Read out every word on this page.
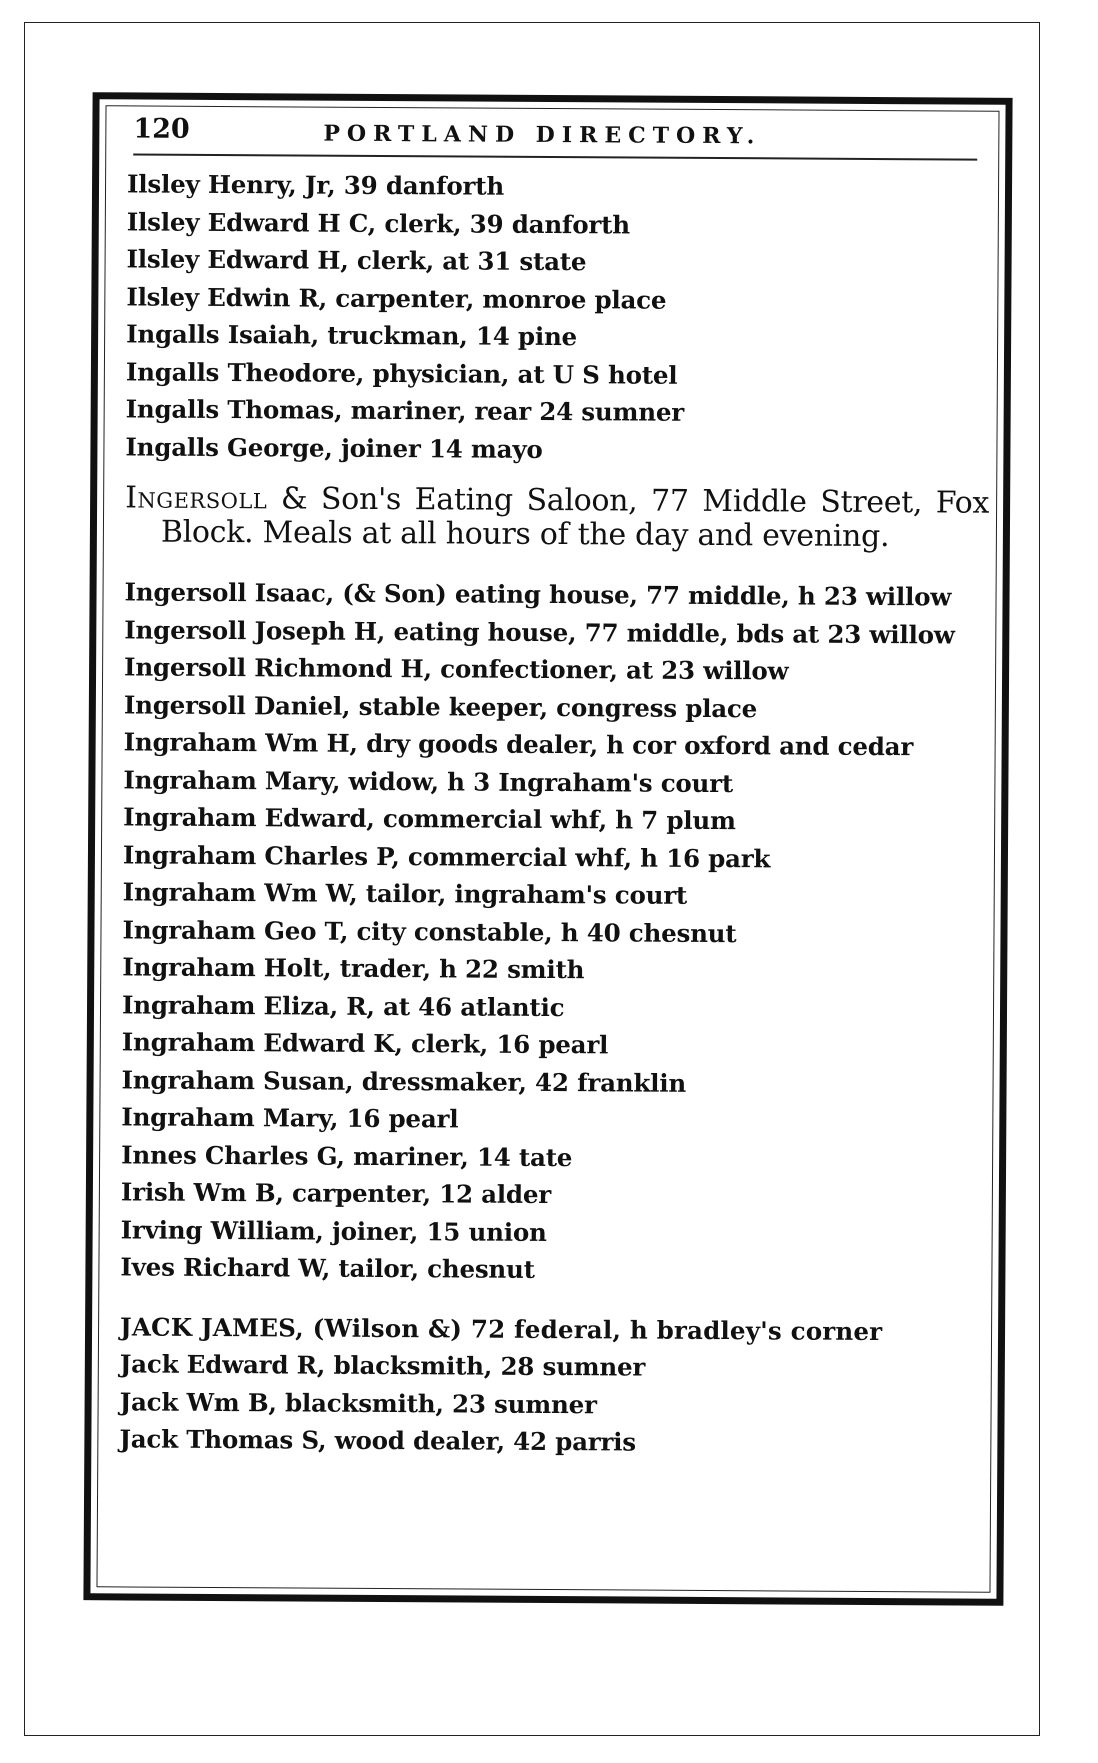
120	PORTLAND DIRECTORY.
Ilsley Henry, Jr, 39 danforth
Ilsley Edward H C, clerk, 39 danforth
Ilsley Edward H, clerk, at 31 state
Ilsley Edwin R, carpenter, monroe place
Ingalls Isaiah, truckman, 14 pine
Ingalls Theodore, physician, at U S hotel
Ingalls Thomas, mariner, rear 24 sumner
Ingalls George, joiner 14 mayo
Ingersoll & Son's Eating Saloon, 77 Middle Street, Fox Block. Meals at all hours of the day and evening.
Ingersoll Isaac, (& Son) eating house, 77 middle, h 23 willow
Ingersoll Joseph H, eating house, 77 middle, bds at 23 willow
Ingersoll Richmond H, confectioner, at 23 willow
Ingersoll Daniel, stable keeper, congress place
Ingraham Wm H, dry goods dealer, h cor oxford and cedar
Ingraham Mary, widow, h 3 Ingraham's court
Ingraham Edward, commercial whf, h 7 plum
Ingraham Charles P, commercial whf, h 16 park
Ingraham Wm W, tailor, ingraham's court
Ingraham Geo T, city constable, h 40 chesnut
Ingraham Holt, trader, h 22 smith
Ingraham Eliza, R, at 46 atlantic
Ingraham Edward K, clerk, 16 pearl
Ingraham Susan, dressmaker, 42 franklin
Ingraham Mary, 16 pearl
Innes Charles G, mariner, 14 tate
Irish Wm B, carpenter, 12 alder
Irving William, joiner, 15 union
Ives Richard W, tailor, chesnut
JACK JAMES, (Wilson &) 72 federal, h bradley's corner
Jack Edward R, blacksmith, 28 sumner
Jack Wm B, blacksmith, 23 sumner
Jack Thomas S, wood dealer, 42 parris
